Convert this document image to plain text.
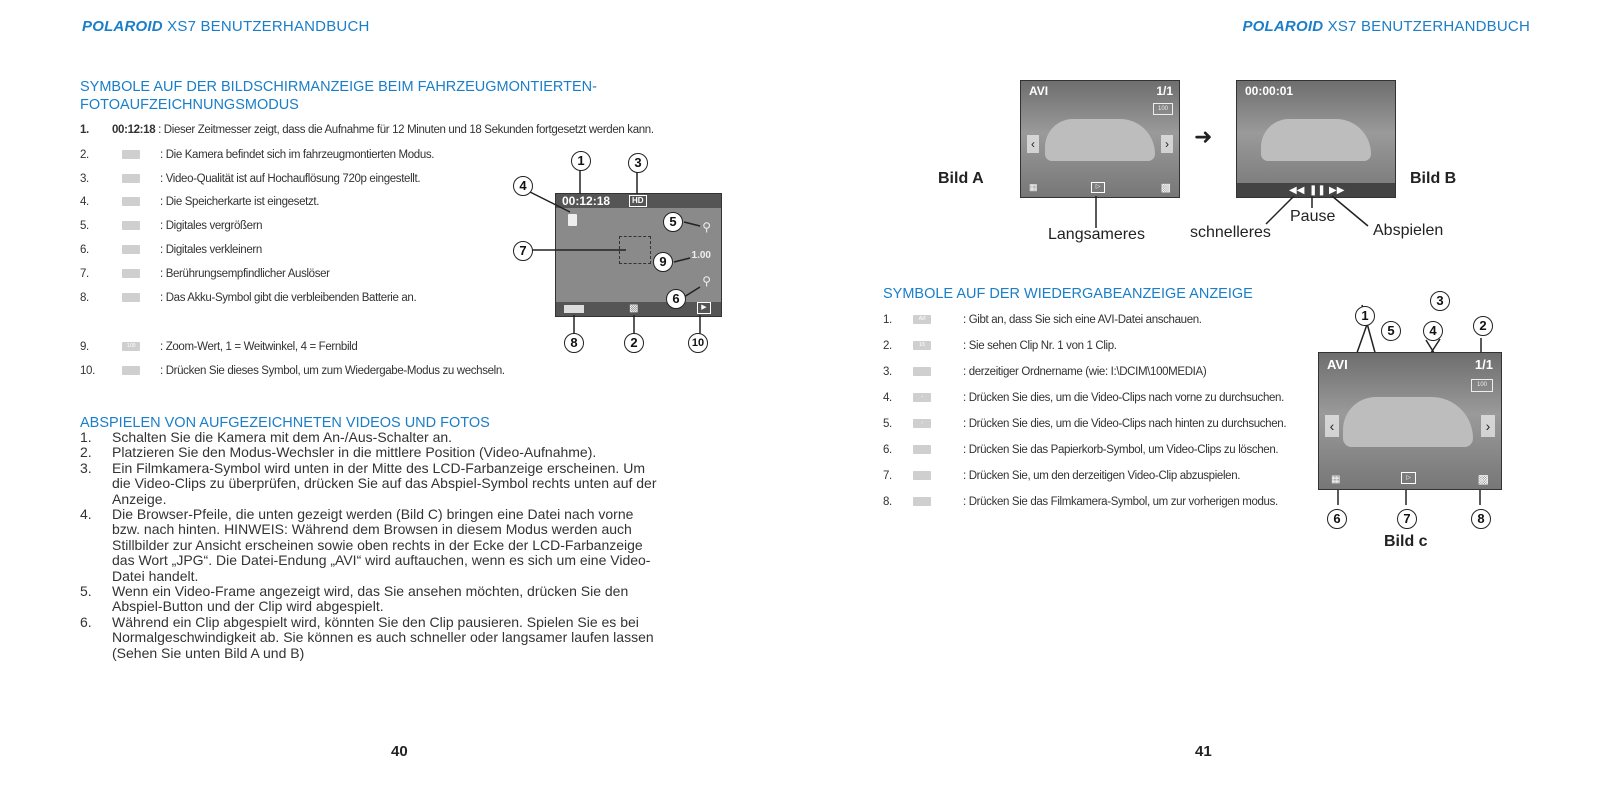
POLAROID XS7 BENUTZERHANDBUCH	POLAROID XS7 BENUTZERHANDBUCH
SYMBOLE AUF DER BILDSCHIRMANZEIGE BEIM FAHRZEUGMONTIERTEN-
FOTOAUFZEICHNUNGSMODUS
1. 00:12:18 : Dieser Zeitmesser zeigt, dass die Aufnahme für 12 Minuten und 18 Sekunden fortgesetzt werden kann.
2.	: Die Kamera befindet sich im fahrzeugmontierten Modus.
3.	: Video-Qualität ist auf Hochauflösung 720p eingestellt.
4.	: Die Speicherkarte ist eingesetzt.
5.	: Digitales vergrößern
6.	: Digitales verkleinern
7.	: Berührungsempfindlicher Auslöser
8.	: Das Akku-Symbol gibt die verbleibenden Batterie an.
9.	1.00	: Zoom-Wert, 1 = Weitwinkel, 4 = Fernbild
10.	: Drücken Sie dieses Symbol, um zum Wiedergabe-Modus zu wechseln.
00:12:18	HD
⚲
1.00
⚲
▩	▶
1	3
4
5
7
9
6
8	2	10
ABSPIELEN VON AUFGEZEICHNETEN VIDEOS UND FOTOS
1. Schalten Sie die Kamera mit dem An-/Aus-Schalter an.
2. Platzieren Sie den Modus-Wechsler in die mittlere Position (Video-Aufnahme).
3. Ein Filmkamera-Symbol wird unten in der Mitte des LCD-Farbanzeige erscheinen. Um
die Video-Clips zu überprüfen, drücken Sie auf das Abspiel-Symbol rechts unten auf der
Anzeige.
4. Die Browser-Pfeile, die unten gezeigt werden (Bild C) bringen eine Datei nach vorne
bzw. nach hinten. HINWEIS: Während dem Browsen in diesem Modus werden auch
Stillbilder zur Ansicht erscheinen sowie oben rechts in der Ecke der LCD-Farbanzeige
das Wort „JPG“. Die Datei-Endung „AVI“ wird auftauchen, wenn es sich um eine Video-
Datei handelt.
5. Wenn ein Video-Frame angezeigt wird, das Sie ansehen möchten, drücken Sie den
Abspiel-Button und der Clip wird abgespielt.
6. Während ein Clip abgespielt wird, könnten Sie den Clip pausieren. Spielen Sie es bei
Normalgeschwindigkeit ab. Sie können es auch schneller oder langsamer laufen lassen
(Sehen Sie unten Bild A und B)
40
Bild A	Bild B
AVI	1/1
100
‹	›
▦	▷	▩
➜
00:00:01
◀◀ ❚❚ ▶▶
Langsameres	schnelleres
Pause
Abspielen
SYMBOLE AUF DER WIEDERGABEANZEIGE ANZEIGE
1.	AVI	: Gibt an, dass Sie sich eine AVI-Datei anschauen.
2.	1/1	: Sie sehen Clip Nr. 1 von 1 Clip.
3.	: derzeitiger Ordnername (wie: I:\DCIM\100MEDIA)
4.	›	: Drücken Sie dies, um die Video-Clips nach vorne zu durchsuchen.
5.	‹	: Drücken Sie dies, um die Video-Clips nach hinten zu durchsuchen.
6.	: Drücken Sie das Papierkorb-Symbol, um Video-Clips zu löschen.
7.	: Drücken Sie, um den derzeitigen Video-Clip abzuspielen.
8.	: Drücken Sie das Filmkamera-Symbol, um zur vorherigen modus.
AVI	1/1
100
‹	›
▦	▷	▩
1
5
3
4	2
6	7	8
Bild c
41
